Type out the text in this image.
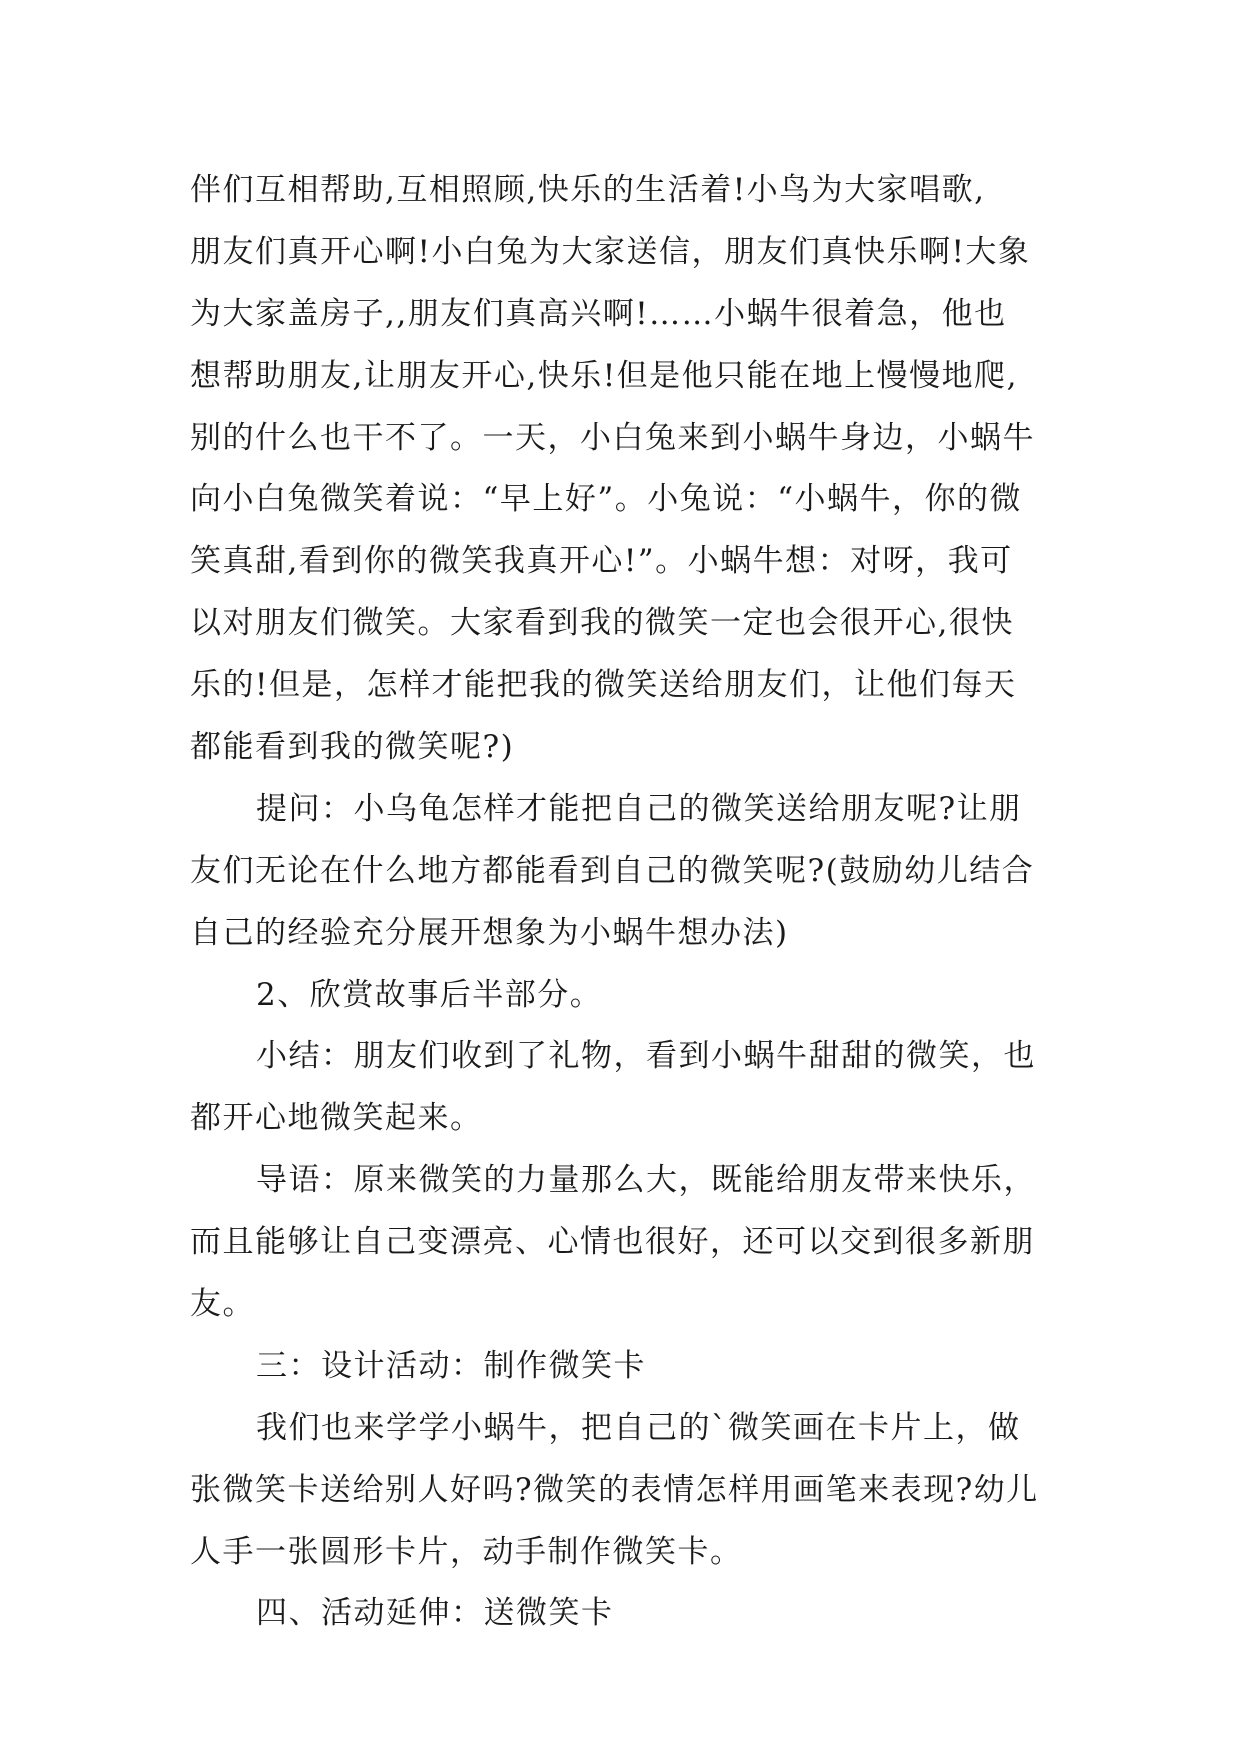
伴们互相帮助,互相照顾,快乐的生活着!小鸟为大家唱歌,
朋友们真开心啊!小白兔为大家送信，朋友们真快乐啊!大象
为大家盖房子,,朋友们真高兴啊!……小蜗牛很着急，他也
想帮助朋友,让朋友开心,快乐!但是他只能在地上慢慢地爬,
别的什么也干不了。一天，小白兔来到小蜗牛身边，小蜗牛
向小白兔微笑着说：“早上好”。小兔说：“小蜗牛，你的微
笑真甜,看到你的微笑我真开心!”。小蜗牛想：对呀，我可
以对朋友们微笑。大家看到我的微笑一定也会很开心,很快
乐的!但是，怎样才能把我的微笑送给朋友们，让他们每天
都能看到我的微笑呢?)
提问：小乌龟怎样才能把自己的微笑送给朋友呢?让朋
友们无论在什么地方都能看到自己的微笑呢?(鼓励幼儿结合
自己的经验充分展开想象为小蜗牛想办法)
2、欣赏故事后半部分。
小结：朋友们收到了礼物，看到小蜗牛甜甜的微笑，也
都开心地微笑起来。
导语：原来微笑的力量那么大，既能给朋友带来快乐，
而且能够让自己变漂亮、心情也很好，还可以交到很多新朋
友。
三：设计活动：制作微笑卡
我们也来学学小蜗牛，把自己的`微笑画在卡片上，做
张微笑卡送给别人好吗?微笑的表情怎样用画笔来表现?幼儿
人手一张圆形卡片，动手制作微笑卡。
四、活动延伸：送微笑卡
